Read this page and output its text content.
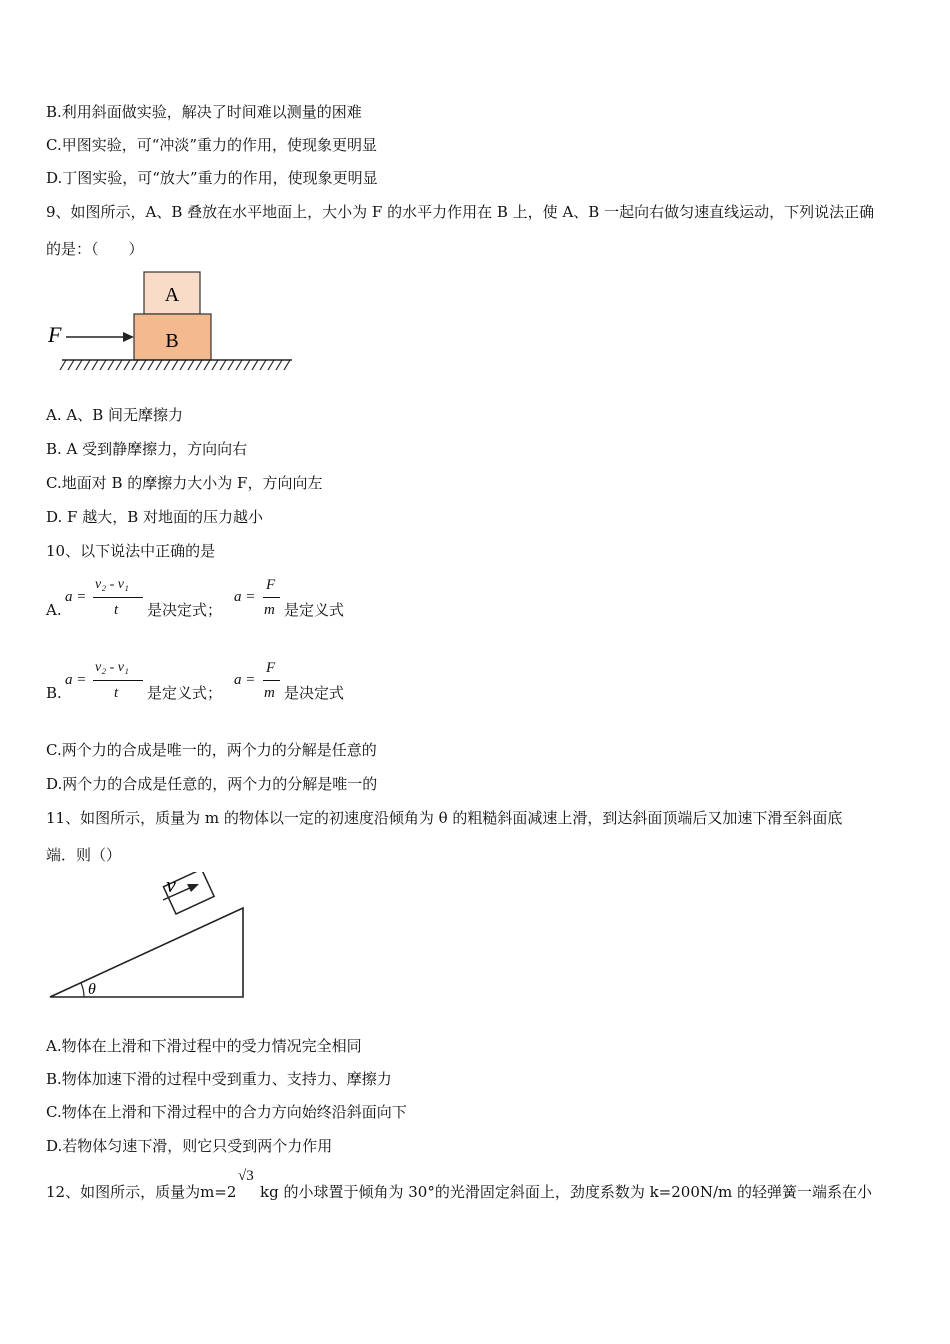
B.利用斜面做实验，解决了时间难以测量的困难
C.甲图实验，可“冲淡”重力的作用，使现象更明显
D.丁图实验，可“放大”重力的作用，使现象更明显
9、如图所示，A、B 叠放在水平地面上，大小为 F 的水平力作用在 B 上，使 A、B 一起向右做匀速直线运动，下列说法正确
的是：（　　）
A
B
F
A. A、B 间无摩擦力
B. A 受到静摩擦力，方向向右
C.地面对 B 的摩擦力大小为 F，方向向左
D. F 越大，B 对地面的压力越小
10、以下说法中正确的是
A.
a =
v₂ - v₁
t 是决定式；
a =
F
m 是定义式
B.
a =
v₂ - v₁
t 是定义式；
a =
F
m 是决定式
C.两个力的合成是唯一的，两个力的分解是任意的
D.两个力的合成是任意的，两个力的分解是唯一的
11、如图所示，质量为 m 的物体以一定的初速度沿倾角为 θ 的粗糙斜面减速上滑，到达斜面顶端后又加速下滑至斜面底
端．则（）
v
θ
A.物体在上滑和下滑过程中的受力情况完全相同
B.物体加速下滑的过程中受到重力、支持力、摩擦力
C.物体在上滑和下滑过程中的合力方向始终沿斜面向下
D.若物体匀速下滑，则它只受到两个力作用
12、如图所示，质量为m=2
√3
kg 的小球置于倾角为 30°的光滑固定斜面上，劲度系数为 k=200N/m 的轻弹簧一端系在小
